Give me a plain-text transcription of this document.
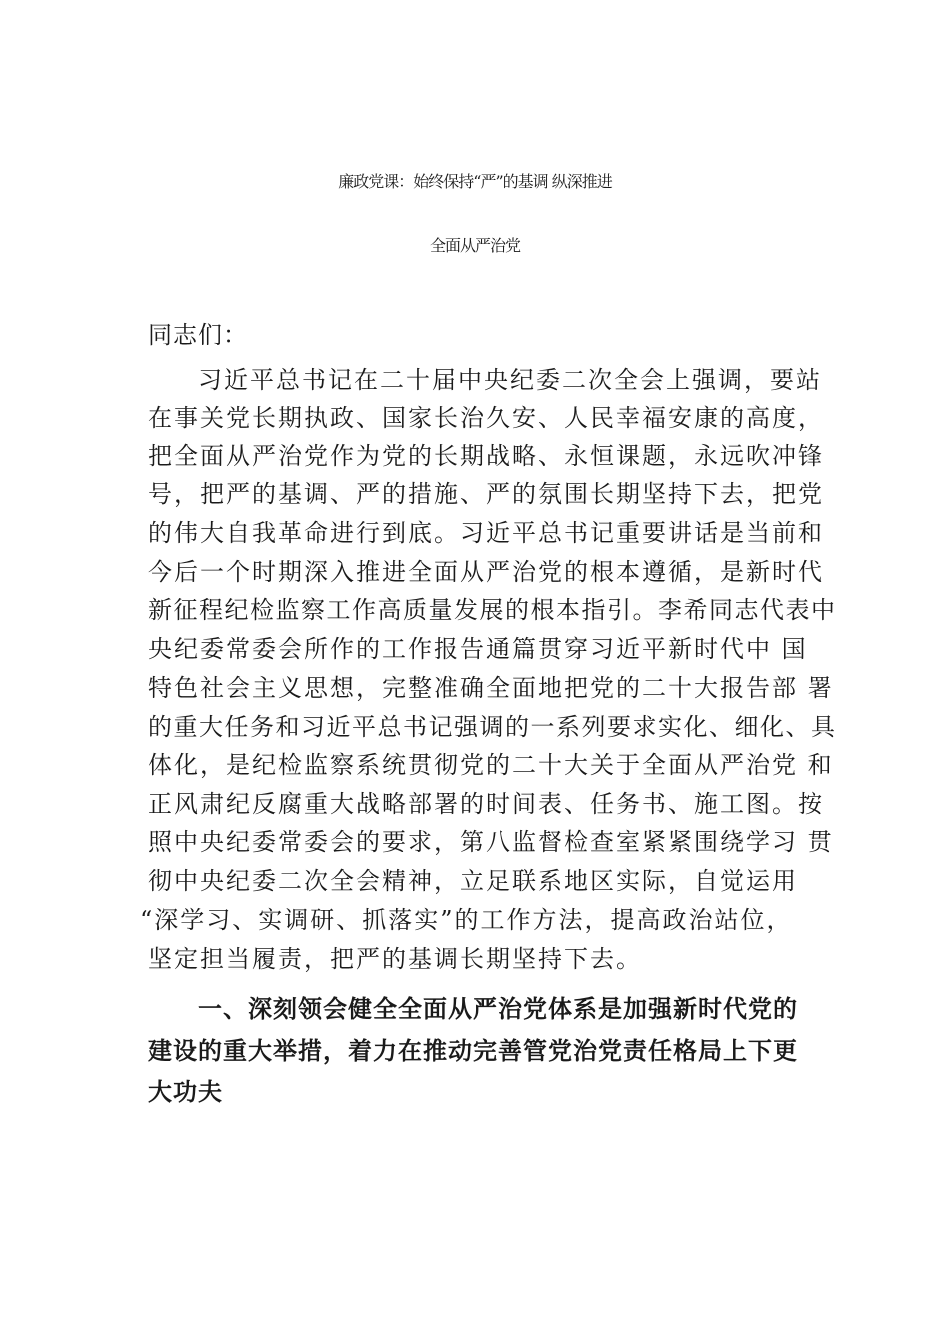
廉政党课：始终保持“严”的基调 纵深推进
全面从严治党
同志们：
习近平总书记在二十届中央纪委二次全会上强调，要站
在事关党长期执政、国家长治久安、人民幸福安康的高度，
把全面从严治党作为党的长期战略、永恒课题，永远吹冲锋
号，把严的基调、严的措施、严的氛围长期坚持下去，把党
的伟大自我革命进行到底。习近平总书记重要讲话是当前和
今后一个时期深入推进全面从严治党的根本遵循，是新时代
新征程纪检监察工作高质量发展的根本指引。李希同志代表中
央纪委常委会所作的工作报告通篇贯穿习近平新时代中 国
特色社会主义思想，完整准确全面地把党的二十大报告部 署
的重大任务和习近平总书记强调的一系列要求实化、细化、具
体化，是纪检监察系统贯彻党的二十大关于全面从严治党 和
正风肃纪反腐重大战略部署的时间表、任务书、施工图。按
照中央纪委常委会的要求，第八监督检查室紧紧围绕学习 贯
彻中央纪委二次全会精神，立足联系地区实际，自觉运用
“深学习、实调研、抓落实”的工作方法，提高政治站位，
坚定担当履责，把严的基调长期坚持下去。
一、深刻领会健全全面从严治党体系是加强新时代党的
建设的重大举措，着力在推动完善管党治党责任格局上下更
大功夫
